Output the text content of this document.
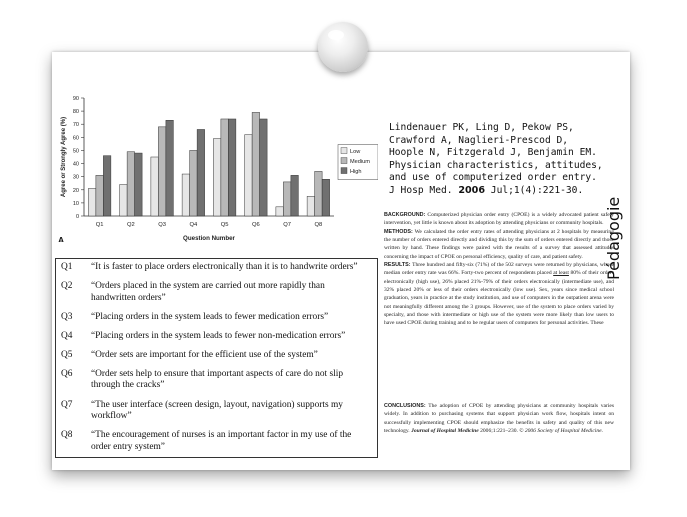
0
10
20
30
40
50
60
70
80
90
Agree or Strongly Agree (%)
Q1	Q2	Q3	Q4	Q5	Q6	Q7	Q8
Question Number
A
Low
Medium
High
Q1	“It is faster to place orders electronically than it is to handwrite orders”
Q2	“Orders placed in the system are carried out more rapidly than handwritten orders”
Q3	“Placing orders in the system leads to fewer medication errors”
Q4	“Placing orders in the system leads to fewer non-medication errors”
Q5	“Order sets are important for the efficient use of the system”
Q6	“Order sets help to ensure that important aspects of care do not slip through the cracks”
Q7	“The user interface (screen design, layout, navigation) supports my workflow”
Q8	“The encouragement of nurses is an important factor in my use of the order entry system”
Lindenauer PK, Ling D, Pekow PS, Crawford A, Naglieri-Prescod D, Hoople N, Fitzgerald J, Benjamin EM. Physician characteristics, attitudes, and use of computerized order entry. J Hosp Med. 2006 Jul;1(4):221-30.

BACKGROUND: Computerized physician order entry (CPOE) is a widely advocated patient safety intervention, yet little is known about its adoption by attending physicians or community hospitals.

METHODS: We calculated the order entry rates of attending physicians at 2 hospitals by measuring the number of orders entered directly and dividing this by the sum of orders entered directly and those written by hand. These findings were paired with the results of a survey that assessed attitudes concerning the impact of CPOE on personal efficiency, quality of care, and patient safety.

RESULTS: Three hundred and fifty-six (71%) of the 502 surveys were returned by physicians, whose median order entry rate was 66%. Forty-two percent of respondents placed at least 80% of their orders electronically (high use), 26% placed 21%-79% of their orders electronically (intermediate use), and 32% placed 20% or less of their orders electronically (low use). Sex, years since medical school graduation, years in practice at the study institution, and use of computers in the outpatient arena were not meaningfully different among the 3 groups. However, use of the system to place orders varied by specialty, and those with intermediate or high use of the system were more likely than low users to have used CPOE during training and to be regular users of computers for personal activities. These

CONCLUSIONS: The adoption of CPOE by attending physicians at community hospitals varies widely. In addition to purchasing systems that support physician work flow, hospitals intent on successfully implementing CPOE should emphasize the benefits in safety and quality of this new technology. Journal of Hospital Medicine 2006;1:221–230. © 2006 Society of Hospital Medicine.
Pédagogie
